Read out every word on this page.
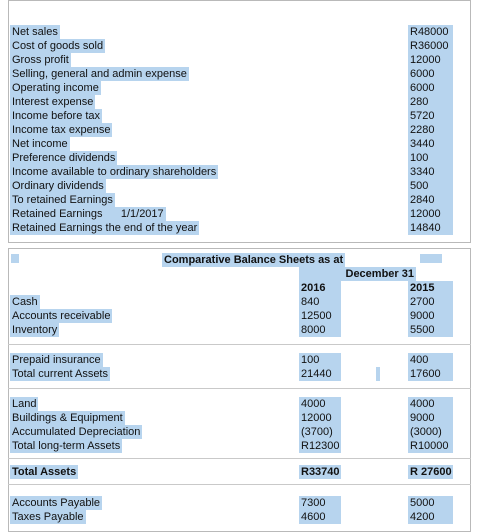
Net sales	R48000
Cost of goods sold	R36000
Gross profit	12000
Selling, general and admin expense	6000
Operating income	6000
Interest expense	280
Income before tax	5720
Income tax expense	2280
Net income	3440
Preference dividends	100
Income available to ordinary shareholders	3340
Ordinary dividends	500
To retained Earnings	2840
Retained Earnings      1/1/2017	12000
Retained Earnings the end of the year	14840
Comparative Balance Sheets as at
December 31
2016	2015
Cash	840	2700
Accounts receivable	12500	9000
Inventory	8000	5500
Prepaid insurance	100	400
Total current Assets	21440	17600
Land	4000	4000
Buildings & Equipment	12000	9000
Accumulated Depreciation	(3700)	(3000)
Total long-term Assets	R12300	R10000
Total Assets	R33740	R 27600
Accounts Payable	7300	5000
Taxes Payable	4600	4200
